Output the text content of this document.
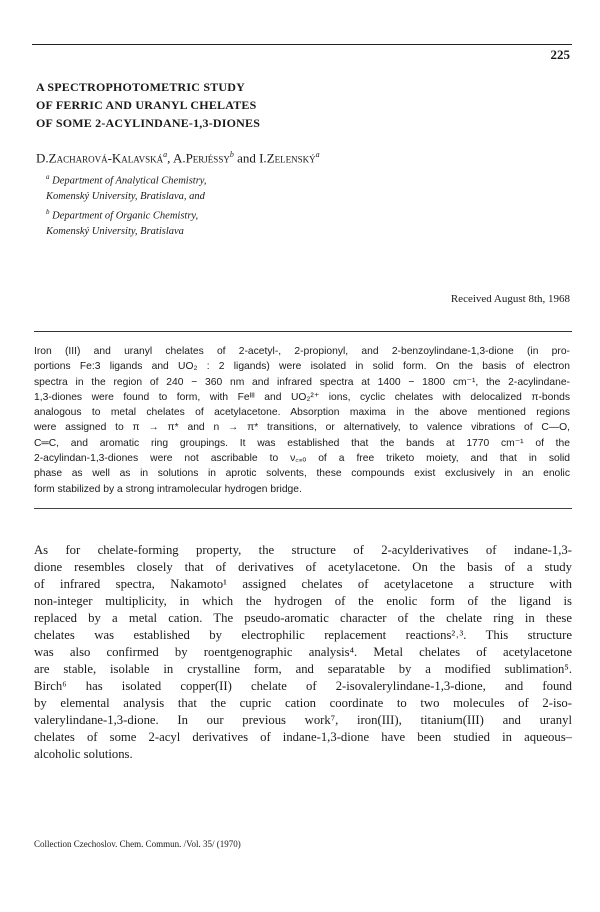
225
A SPECTROPHOTOMETRIC STUDY
OF FERRIC AND URANYL CHELATES
OF SOME 2-ACYLINDANE-1,3-DIONES
D.Zacharová-Kalavská$^a$, A.Perjéssy$^b$ and I.Zelenský$^a$
$^a$ Department of Analytical Chemistry,
Komenský University, Bratislava, and
$^b$ Department of Organic Chemistry,
Komenský University, Bratislava
Received August 8th, 1968
Iron (III) and uranyl chelates of 2-acetyl-, 2-propionyl, and 2-benzoylindane-1,3-dione (in pro-
portions Fe:3 ligands and UO₂ : 2 ligands) were isolated in solid form. On the basis of electron
spectra in the region of 240 − 360 nm and infrared spectra at 1400 − 1800 cm⁻¹, the 2-acylindane-
1,3-diones were found to form, with Feᴵᴵᴵ and UO₂²⁺ ions, cyclic chelates with delocalized π-bonds
analogous to metal chelates of acetylacetone. Absorption maxima in the above mentioned regions
were assigned to π → π* and n → π* transitions, or alternatively, to valence vibrations of C—O,
C═C, and aromatic ring groupings. It was established that the bands at 1770 cm⁻¹ of the
2-acylindan-1,3-diones were not ascribable to ν꜀₌ₒ of a free triketo moiety, and that in solid
phase as well as in solutions in aprotic solvents, these compounds exist exclusively in an enolic
form stabilized by a strong intramolecular hydrogen bridge.
As for chelate-forming property, the structure of 2-acylderivatives of indane-1,3-
dione resembles closely that of derivatives of acetylacetone. On the basis of a study
of infrared spectra, Nakamoto¹ assigned chelates of acetylacetone a structure with
non-integer multiplicity, in which the hydrogen of the enolic form of the ligand is
replaced by a metal cation. The pseudo-aromatic character of the chelate ring in these
chelates was established by electrophilic replacement reactions²˒³. This structure
was also confirmed by roentgenographic analysis⁴. Metal chelates of acetylacetone
are stable, isolable in crystalline form, and separatable by a modified sublimation⁵.
Birch⁶ has isolated copper(II) chelate of 2-isovalerylindane-1,3-dione, and found
by elemental analysis that the cupric cation coordinate to two molecules of 2-iso-
valerylindane-1,3-dione. In our previous work⁷, iron(III), titanium(III) and uranyl
chelates of some 2-acyl derivatives of indane-1,3-dione have been studied in aqueous–
alcoholic solutions.
Collection Czechoslov. Chem. Commun. /Vol. 35/ (1970)
